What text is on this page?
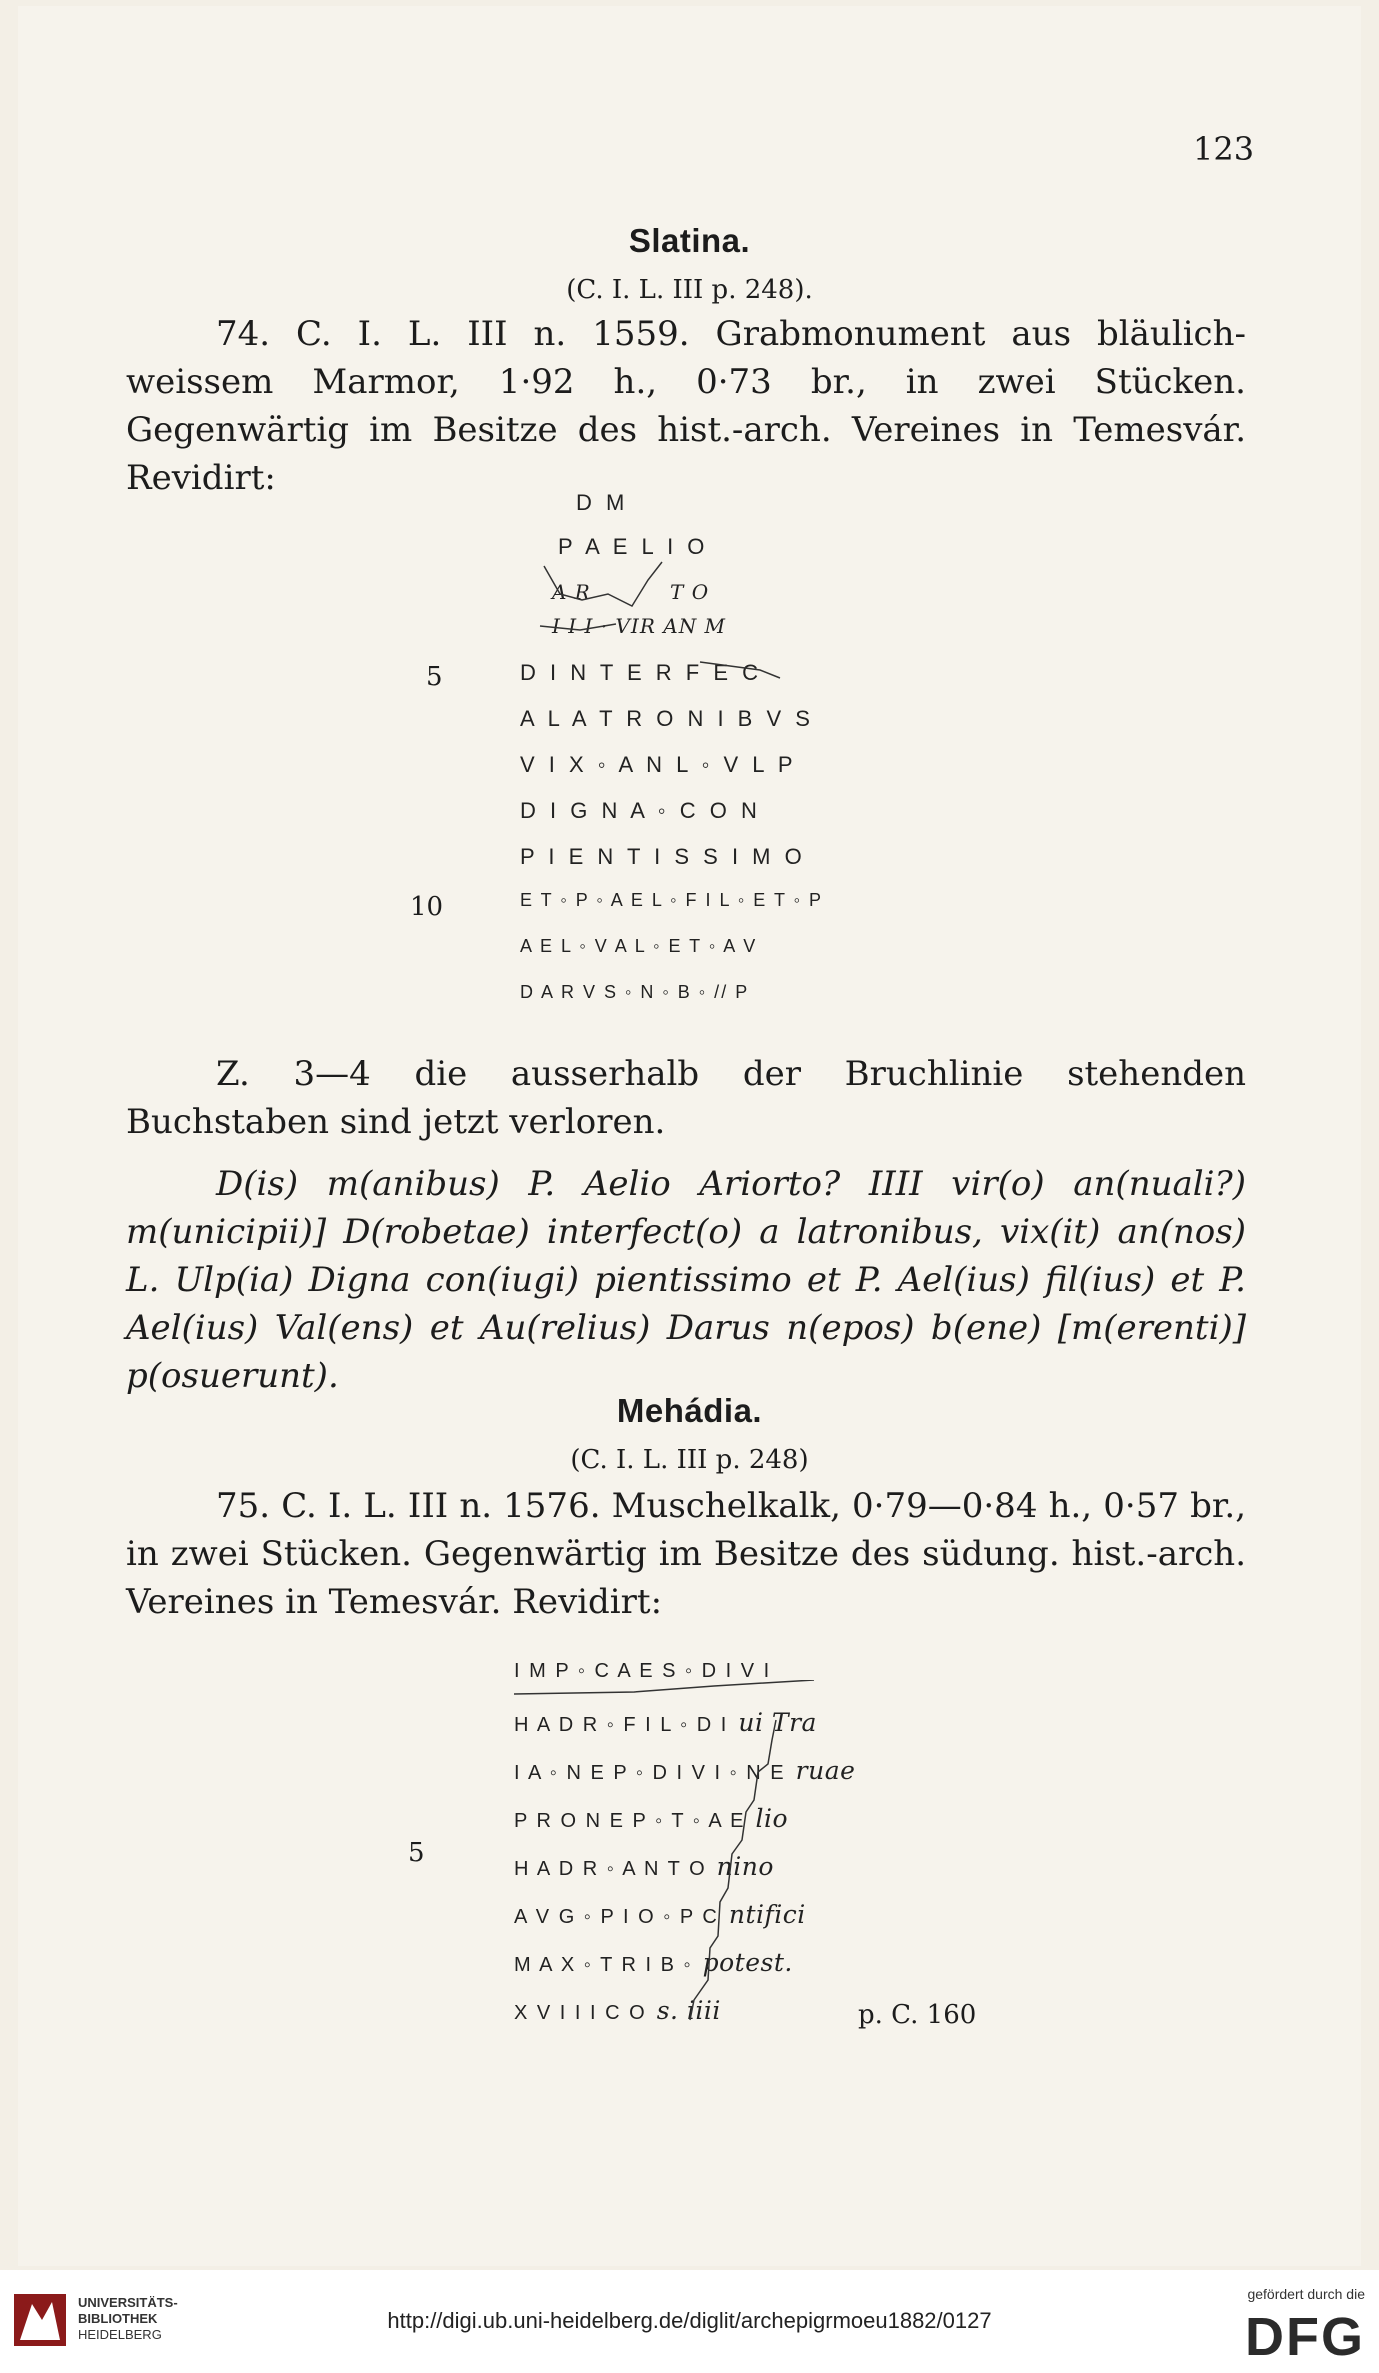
123
Slatina.
(C. I. L. III p. 248).

74. C. I. L. III n. 1559. Grabmonument aus bläulich-weissem Marmor, 1·92 h., 0·73 br., in zwei Stücken. Gegenwärtig im Besitze des hist.-arch. Vereines in Temesvár. Revidirt:

D M
P A E L I O
A R	T O
I I I · VIR AN M
D I N T E R F E C
A L A T R O N I B V S
V I X ◦ A N L ◦ V L P
D I G N A ◦ C O N
P I E N T I S S I M O
E T ◦ P ◦ A E L ◦ F I L ◦ E T ◦ P
A E L ◦ V A L ◦ E T ◦ A V
D A R V S ◦ N ◦ B ◦ // P
5
10

Z. 3—4 die ausserhalb der Bruchlinie stehenden Buchstaben sind jetzt verloren.

D(is) m(anibus) P. Aelio Ariorto? IIII vir(o) an(nuali?) m(unicipii)] D(robetae) interfect(o) a latronibus, vix(it) an(nos) L. Ulp(ia) Digna con(iugi) pientissimo et P. Ael(ius) fil(ius) et P. Ael(ius) Val(ens) et Au(relius) Darus n(epos) b(ene) [m(erenti)] p(osuerunt).

Mehádia.
(C. I. L. III p. 248)

75. C. I. L. III n. 1576. Muschelkalk, 0·79—0·84 h., 0·57 br., in zwei Stücken. Gegenwärtig im Besitze des südung. hist.-arch. Vereines in Temesvár. Revidirt:

I M P ◦ C A E S ◦ D I V I
H A D R ◦ F I L ◦ D I ui Tra
I A ◦ N E P ◦ D I V I ◦ N E ruae
P R O N E P ◦ T ◦ A E lio
H A D R ◦ A N T O nino
A V G ◦ P I O ◦ P C ntifici
M A X ◦ T R I B ◦ potest.
X V I I I C O s. iiii
5
p. C. 160
UNIVERSITÄTS-
BIBLIOTHEK
HEIDELBERG
http://digi.ub.uni-heidelberg.de/diglit/archepigrmoeu1882/0127
gefördert durch die
DFG
